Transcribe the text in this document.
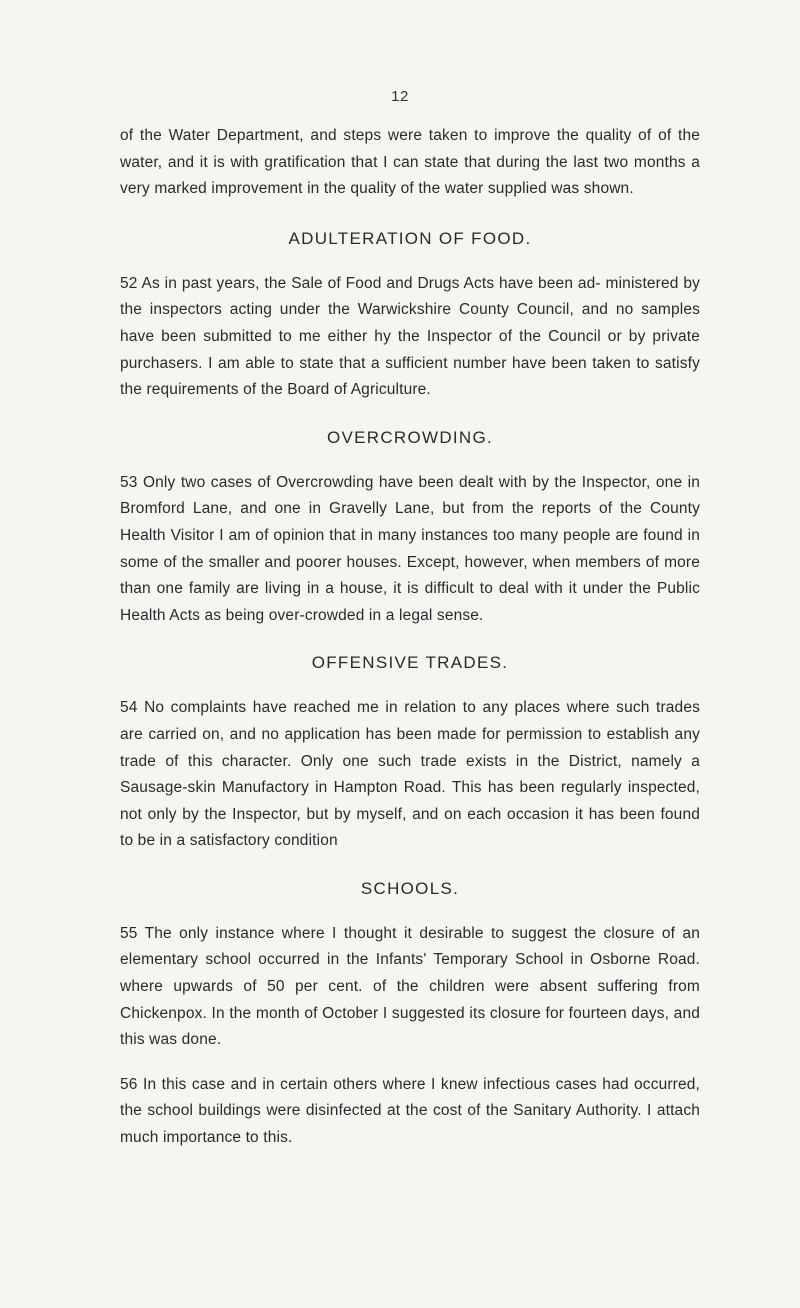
12

of the Water Department, and steps were taken to improve the quality of of the water, and it is with gratification that I can state that during the last two months a very marked improvement in the quality of the water supplied was shown.

ADULTERATION OF FOOD.

52 As in past years, the Sale of Food and Drugs Acts have been ad- ministered by the inspectors acting under the Warwickshire County Council, and no samples have been submitted to me either hy the Inspector of the Council or by private purchasers. I am able to state that a sufficient number have been taken to satisfy the requirements of the Board of Agriculture.

OVERCROWDING.

53 Only two cases of Overcrowding have been dealt with by the Inspector, one in Bromford Lane, and one in Gravelly Lane, but from the reports of the County Health Visitor I am of opinion that in many instances too many people are found in some of the smaller and poorer houses. Except, however, when members of more than one family are living in a house, it is difficult to deal with it under the Public Health Acts as being over-crowded in a legal sense.

OFFENSIVE TRADES.

54 No complaints have reached me in relation to any places where such trades are carried on, and no application has been made for permission to establish any trade of this character. Only one such trade exists in the District, namely a Sausage-skin Manufactory in Hampton Road. This has been regularly inspected, not only by the Inspector, but by myself, and on each occasion it has been found to be in a satisfactory condition

SCHOOLS.

55 The only instance where I thought it desirable to suggest the closure of an elementary school occurred in the Infants' Temporary School in Osborne Road. where upwards of 50 per cent. of the children were absent suffering from Chickenpox. In the month of October I suggested its closure for fourteen days, and this was done.

56 In this case and in certain others where I knew infectious cases had occurred, the school buildings were disinfected at the cost of the Sanitary Authority. I attach much importance to this.
